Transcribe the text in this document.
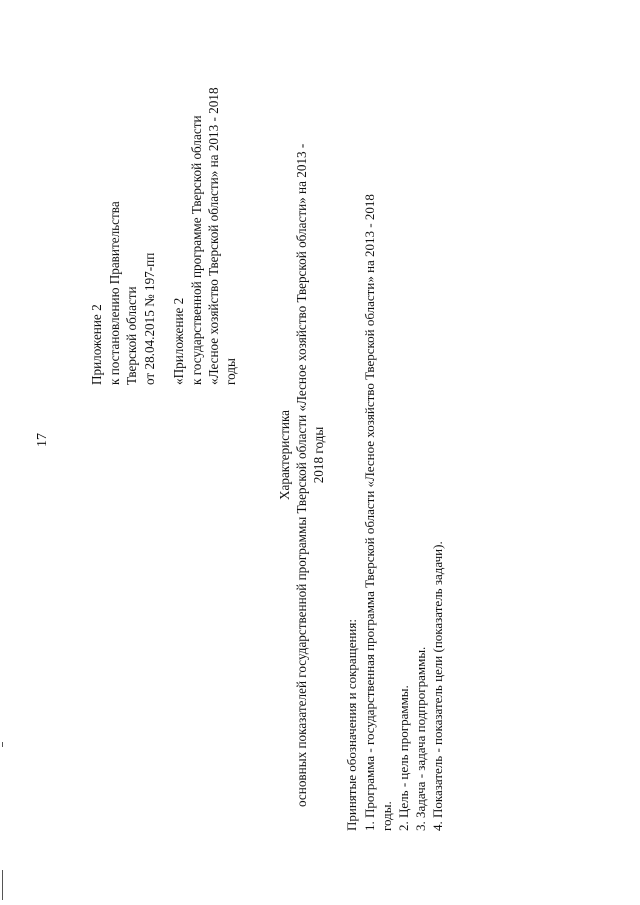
17
Приложение 2 к постановлению Правительства Тверской области от 28.04.2015 № 197-пп «Приложение 2 к государственной программе Тверской области «Лесное хозяйство Тверской области» на 2013 - 2018 годы
Характеристика основных показателей государственной программы Тверской области «Лесное хозяйство Тверской области» на 2013 - 2018 годы
Принятые обозначения и сокращения: 1. Программа - государственная программа Тверской области «Лесное хозяйство Тверской области» на 2013 - 2018 годы. 2. Цель - цель программы. 3. Задача - задача подпрограммы. 4. Показатель - показатель цели (показатель задачи).
